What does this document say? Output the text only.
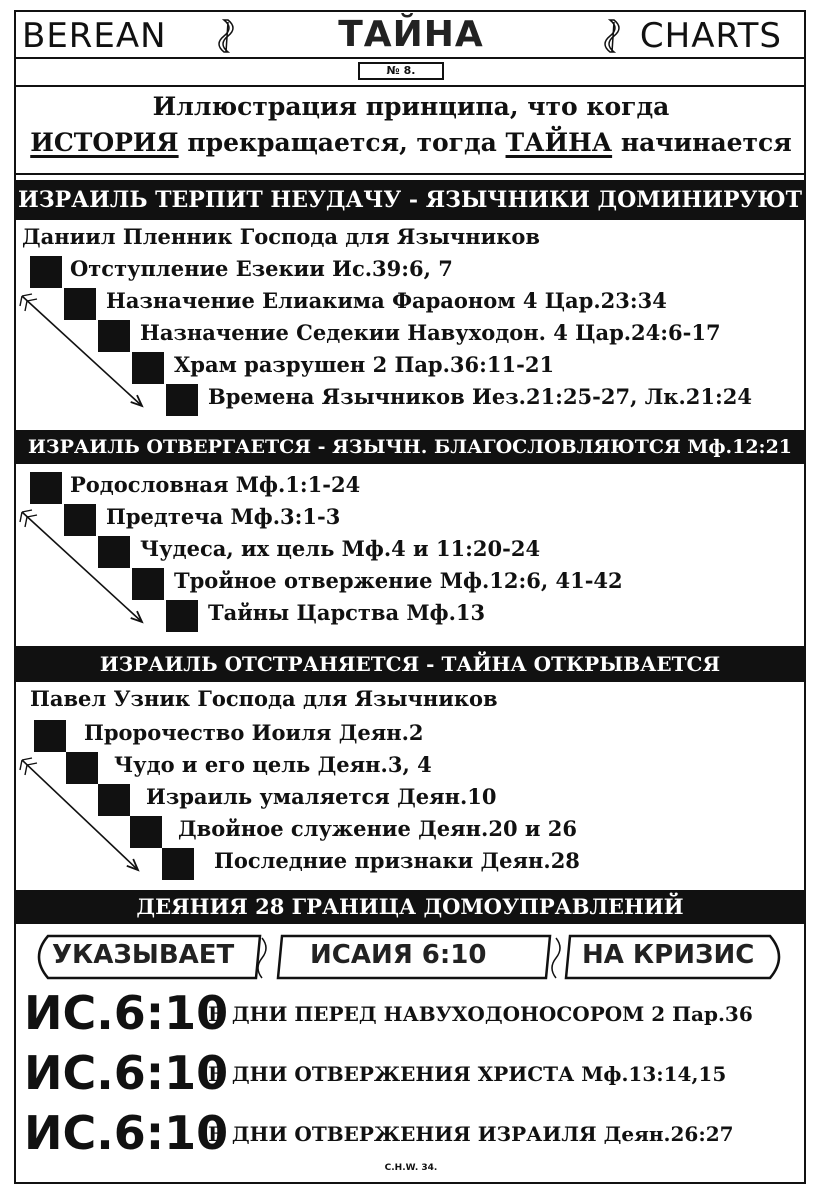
BEREAN	ТАЙНА	CHARTS
№ 8.
Иллюстрация принципа, что когда
ИСТОРИЯ прекращается, тогда ТАЙНА начинается
ИЗРАИЛЬ ТЕРПИТ НЕУДАЧУ - ЯЗЫЧНИКИ ДОМИНИРУЮТ
Даниил Пленник Господа для Язычников
Отступление Езекии Ис.39:6, 7
Назначение Елиакима Фараоном 4 Цар.23:34
Назначение Седекии Навуходон. 4 Цар.24:6-17
Храм разрушен 2 Пар.36:11-21
Времена Язычников Иез.21:25-27, Лк.21:24
ИЗРАИЛЬ ОТВЕРГАЕТСЯ - ЯЗЫЧН. БЛАГОСЛОВЛЯЮТСЯ Мф.12:21
Родословная Мф.1:1-24
Предтеча Мф.3:1-3
Чудеса, их цель Мф.4 и 11:20-24
Тройное отвержение Мф.12:6, 41-42
Тайны Царства Мф.13
ИЗРАИЛЬ ОТСТРАНЯЕТСЯ - ТАЙНА ОТКРЫВАЕТСЯ
Павел Узник Господа для Язычников
Пророчество Иоиля Деян.2
Чудо и его цель Деян.3, 4
Израиль умаляется Деян.10
Двойное служение Деян.20 и 26
Последние признаки Деян.28
ДЕЯНИЯ 28 ГРАНИЦА ДОМОУПРАВЛЕНИЙ
УКАЗЫВАЕТ	ИСАИЯ 6:10	НА КРИЗИС
ИС.6:10
В ДНИ ПЕРЕД НАВУХОДОНОСОРОМ 2 Пар.36
ИС.6:10
В ДНИ ОТВЕРЖЕНИЯ ХРИСТА Мф.13:14,15
ИС.6:10
В ДНИ ОТВЕРЖЕНИЯ ИЗРАИЛЯ Деян.26:27
C.H.W. 34.
